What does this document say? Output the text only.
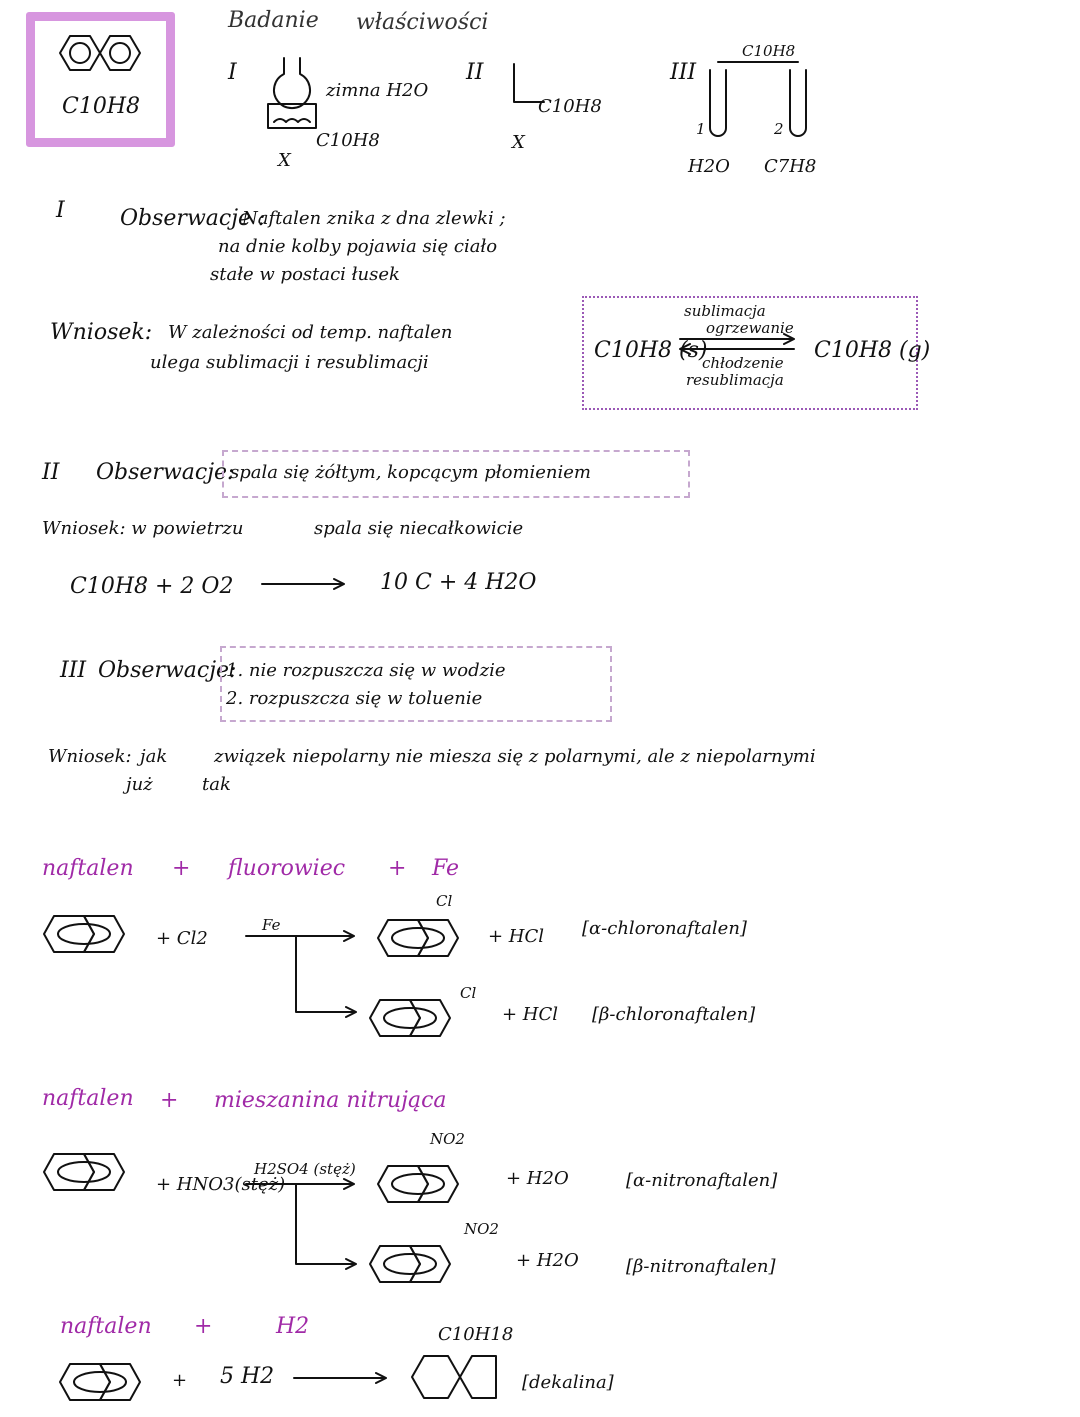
C10H8
Badanie właściwości
I
zimna H2O
C10H8
X
II
C10H8
X
III
C10H8
1	2
H2O C7H8
I	Obserwacje :
Naftalen znika z dna zlewki ;
na dnie kolby pojawia się ciało
stałe w postaci łusek
Wniosek: W zależności od temp. naftalen
ulega sublimacji i resublimacji	C10H8 (s)
sublimacja
ogrzewanie
chłodzenie
resublimacja
C10H8 (g)
II Obserwacje:
spala się żółtym, kopcącym płomieniem
Wniosek: w powietrzu	spala się niecałkowicie
C10H8 + 2 O2	10 C + 4 H2O
III Obserwacje:
1. nie rozpuszcza się w wodzie
2. rozpuszcza się w toluenie
Wniosek: jak	związek niepolarny nie miesza się z polarnymi, ale z niepolarnymi
już	tak
naftalen + fluorowiec + Fe
+ Cl2
Fe
Cl
+ HCl [α-chloronaftalen]
Cl
+ HCl [β-chloronaftalen]
naftalen + mieszanina nitrująca
+ HNO3(stęż)
H2SO4 (stęż)
NO2
+ H2O	[α-nitronaftalen]
NO2
+ H2O	[β-nitronaftalen]
naftalen +	H2
+ 5 H2
C10H18
[dekalina]
